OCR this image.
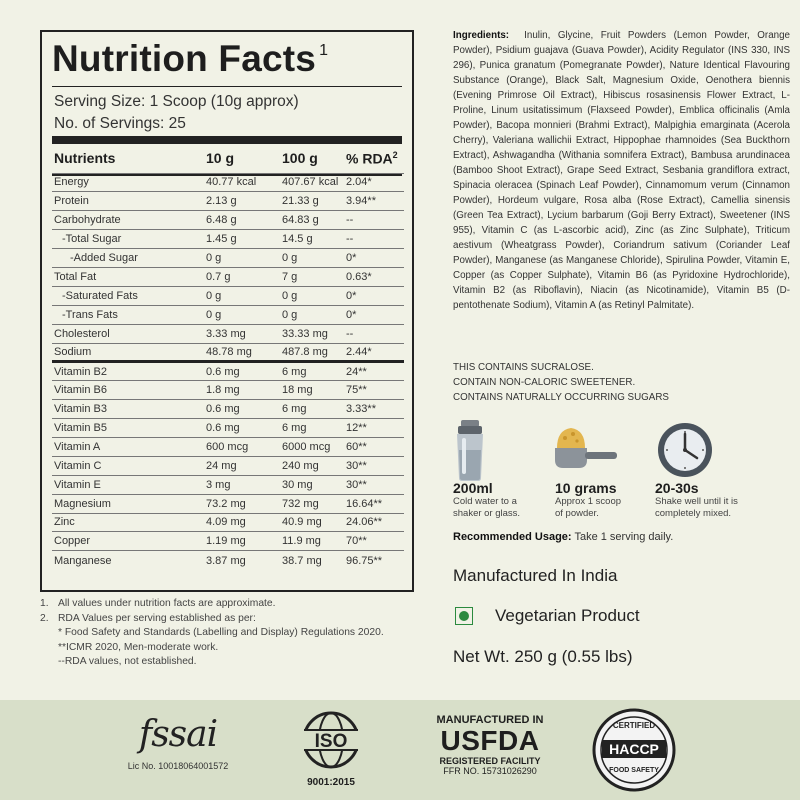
Nutrition Facts $^1$
Serving Size: 1 Scoop (10g approx)
No. of Servings: 25
Nutrients	10 g	100 g	% RDA$^2$
Energy	40.77 kcal	407.67 kcal	2.04*
Protein	2.13 g	21.33 g	3.94**
Carbohydrate	6.48 g	64.83 g	--
-Total Sugar	1.45 g	14.5 g	--
-Added Sugar	0 g	0 g	0*
Total Fat	0.7 g	7 g	0.63*
-Saturated Fats	0 g	0 g	0*
-Trans Fats	0 g	0 g	0*
Cholesterol	3.33 mg	33.33 mg	--
Sodium	48.78 mg	487.8 mg	2.44*
Vitamin B2	0.6 mg	6 mg	24**
Vitamin B6	1.8 mg	18 mg	75**
Vitamin B3	0.6 mg	6 mg	3.33**
Vitamin B5	0.6 mg	6 mg	12**
Vitamin A	600 mcg	6000 mcg	60**
Vitamin C	24 mg	240 mg	30**
Vitamin E	3 mg	30 mg	30**
Magnesium	73.2 mg	732 mg	16.64**
Zinc	4.09 mg	40.9 mg	24.06**
Copper	1.19 mg	11.9 mg	70**
Manganese	3.87 mg	38.7 mg	96.75**
1. All values under nutrition facts are approximate.
2. RDA Values per serving established as per:
* Food Safety and Standards (Labelling and Display) Regulations 2020.
**ICMR 2020, Men-moderate work.
--RDA values, not established.
Ingredients: Inulin, Glycine, Fruit Powders (Lemon Powder, Orange Powder), Psidium guajava (Guava Powder), Acidity Regulator (INS 330, INS 296), Punica granatum (Pomegranate Powder), Nature Identical Flavouring Substance (Orange), Black Salt, Magnesium Oxide, Oenothera biennis (Evening Primrose Oil Extract), Hibiscus rosasinensis Flower Extract, L-Proline, Linum usitatissimum (Flaxseed Powder), Emblica officinalis (Amla Powder), Bacopa monnieri (Brahmi Extract), Malpighia emarginata (Acerola Cherry), Valeriana wallichii Extract, Hippophae rhamnoides (Sea Buckthorn Extract), Ashwagandha (Withania somnifera Extract), Bambusa arundinacea (Bamboo Shoot Extract), Grape Seed Extract, Sesbania grandiflora extract, Spinacia oleracea (Spinach Leaf Powder), Cinnamomum verum (Cinnamon Powder), Hordeum vulgare, Rosa alba (Rose Extract), Camellia sinensis (Green Tea Extract), Lycium barbarum (Goji Berry Extract), Sweetener (INS 955), Vitamin C (as L-ascorbic acid), Zinc (as Zinc Sulphate), Triticum aestivum (Wheatgrass Powder), Coriandrum sativum (Coriander Leaf Powder), Manganese (as Manganese Chloride), Spirulina Powder, Vitamin E, Copper (as Copper Sulphate), Vitamin B6 (as Pyridoxine Hydrochloride), Vitamin B2 (as Riboflavin), Niacin (as Nicotinamide), Vitamin B5 (D-pentothenate Sodium), Vitamin A (as Retinyl Palmitate).
THIS CONTAINS SUCRALOSE.
CONTAIN NON-CALORIC SWEETENER.
CONTAINS NATURALLY OCCURRING SUGARS
200ml
Cold water to a
shaker or glass.
10 grams
Approx 1 scoop
of powder.
20-30s
Shake well until it is
completely mixed.
Recommended Usage: Take 1 serving daily.
Manufactured In India
Vegetarian Product
Net Wt. 250 g (0.55 lbs)
fssai
Lic No. 10018064001572
ISO
9001:2015
MANUFACTURED IN
USFDA
REGISTERED FACILITY
FFR NO. 15731026290
CERTIFIED
HACCP
FOOD SAFETY
